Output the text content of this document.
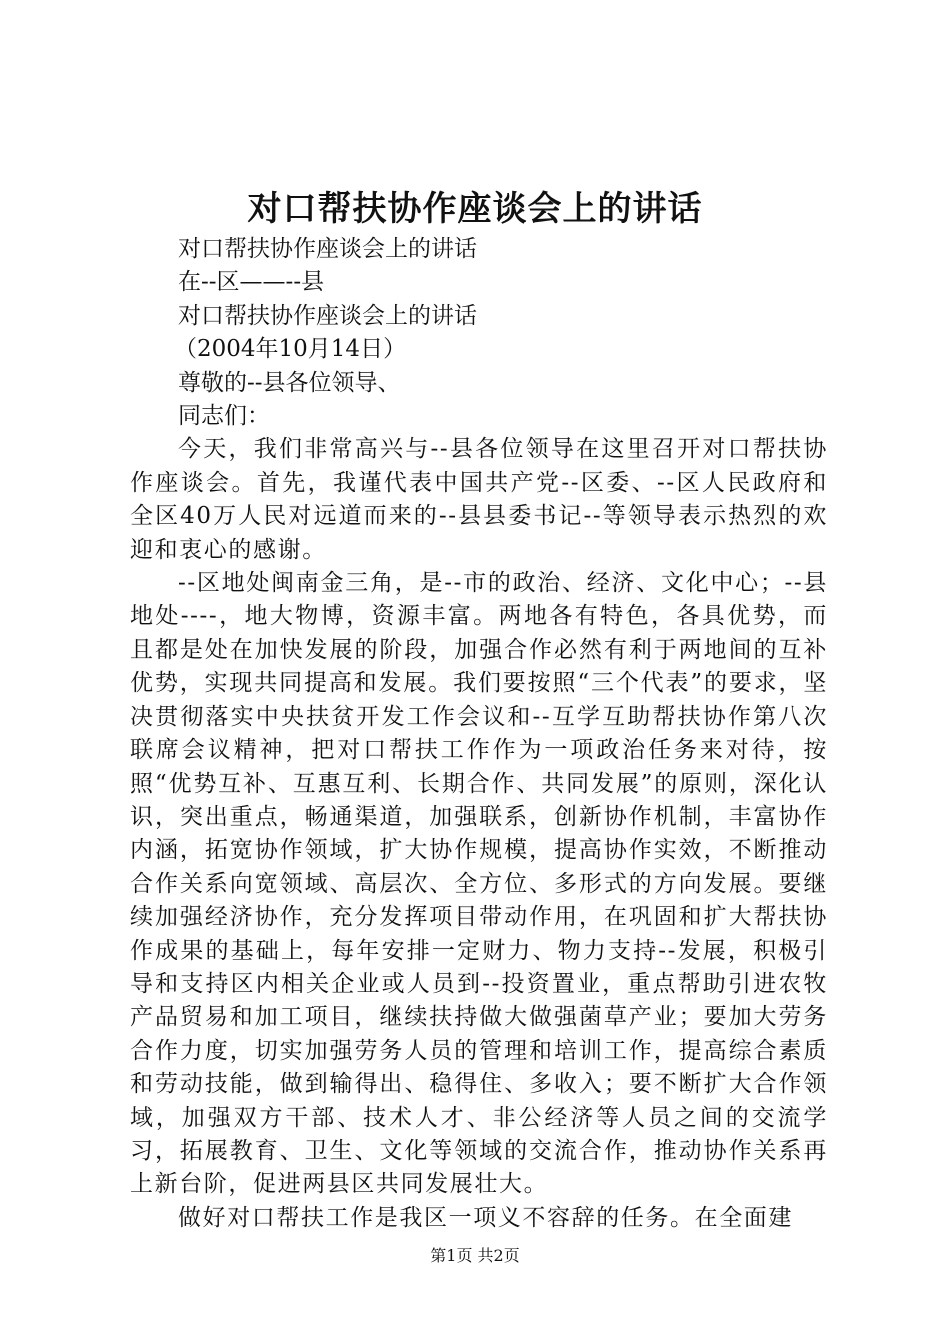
对口帮扶协作座谈会上的讲话

对口帮扶协作座谈会上的讲话

在--区——--县

对口帮扶协作座谈会上的讲话

（2004年10月14日）

尊敬的--县各位领导、

同志们：

今天，我们非常高兴与--县各位领导在这里召开对口帮扶协作座谈会。首先，我谨代表中国共产党--区委、--区人民政府和全区40万人民对远道而来的--县县委书记--等领导表示热烈的欢迎和衷心的感谢。

--区地处闽南金三角，是--市的政治、经济、文化中心；--县地处----，地大物博，资源丰富。两地各有特色，各具优势，而且都是处在加快发展的阶段，加强合作必然有利于两地间的互补优势，实现共同提高和发展。我们要按照“三个代表”的要求，坚决贯彻落实中央扶贫开发工作会议和--互学互助帮扶协作第八次联席会议精神，把对口帮扶工作作为一项政治任务来对待，按照“优势互补、互惠互利、长期合作、共同发展”的原则，深化认识，突出重点，畅通渠道，加强联系，创新协作机制，丰富协作内涵，拓宽协作领域，扩大协作规模，提高协作实效，不断推动合作关系向宽领域、高层次、全方位、多形式的方向发展。要继续加强经济协作，充分发挥项目带动作用，在巩固和扩大帮扶协作成果的基础上，每年安排一定财力、物力支持--发展，积极引导和支持区内相关企业或人员到--投资置业，重点帮助引进农牧产品贸易和加工项目，继续扶持做大做强菌草产业；要加大劳务合作力度，切实加强劳务人员的管理和培训工作，提高综合素质和劳动技能，做到输得出、稳得住、多收入；要不断扩大合作领域，加强双方干部、技术人才、非公经济等人员之间的交流学习，拓展教育、卫生、文化等领域的交流合作，推动协作关系再上新台阶，促进两县区共同发展壮大。

做好对口帮扶工作是我区一项义不容辞的任务。在全面建

第1页 共2页
